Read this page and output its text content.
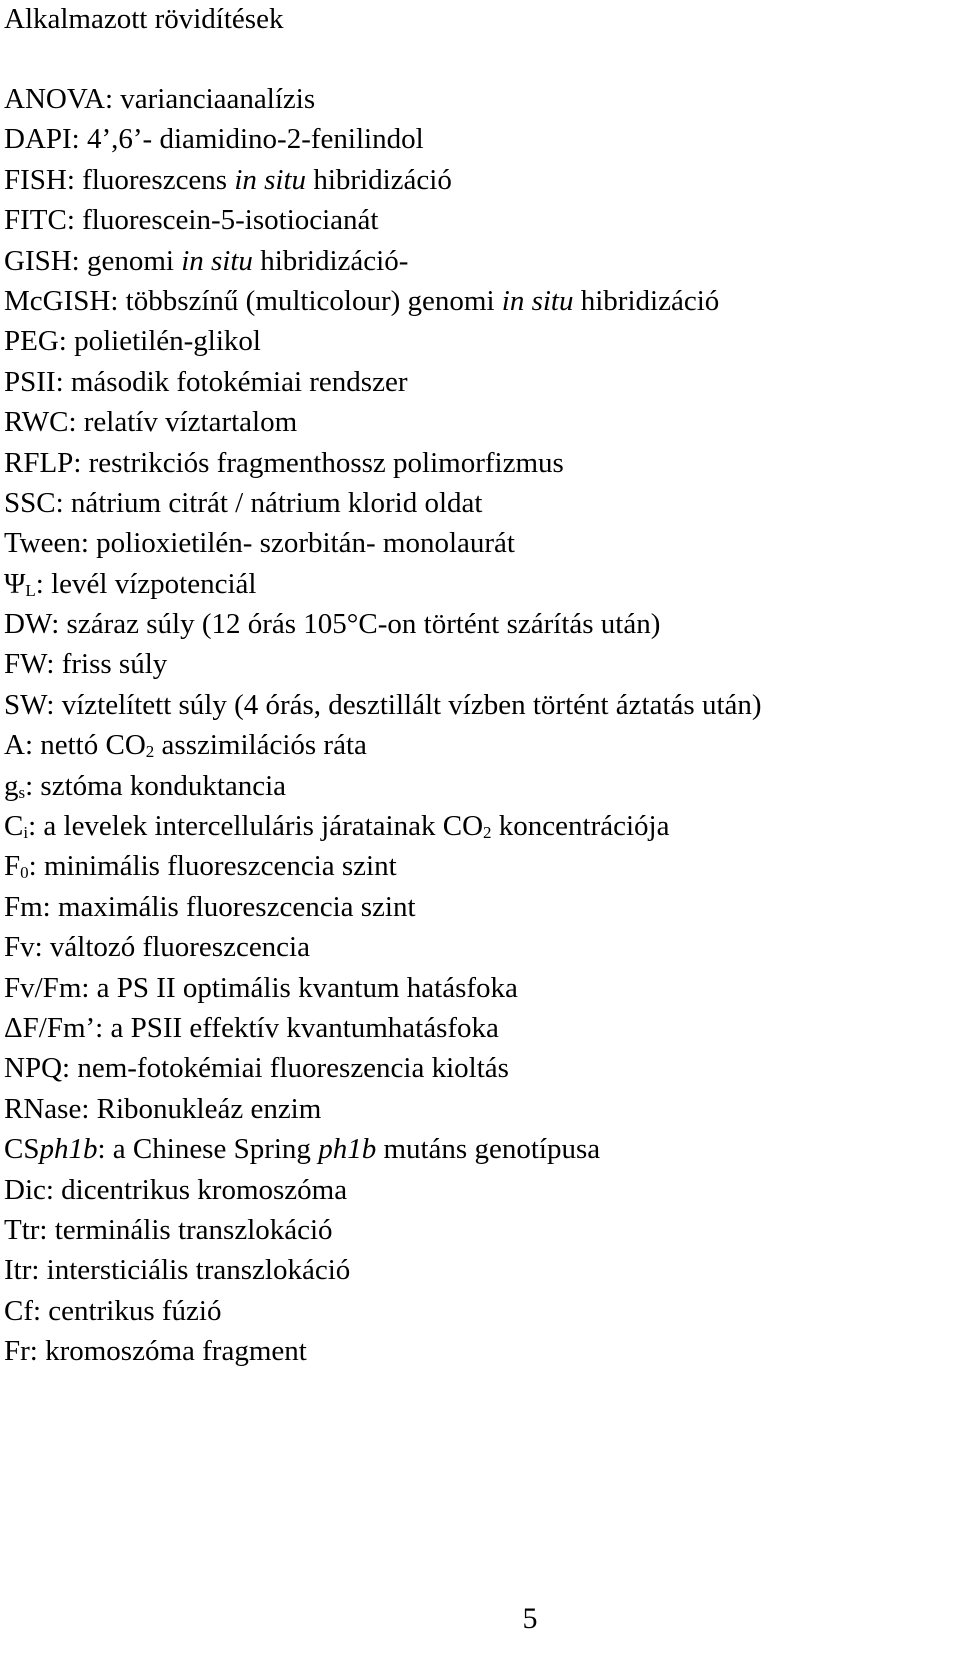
Alkalmazott rövidítések
ANOVA: varianciaanalízis
DAPI: 4’,6’- diamidino-2-fenilindol
FISH: fluoreszcens in situ hibridizáció
FITC: fluorescein-5-isotiocianát
GISH: genomi in situ hibridizáció-
McGISH: többszínű (multicolour) genomi in situ hibridizáció
PEG: polietilén-glikol
PSII: második fotokémiai rendszer
RWC: relatív víztartalom
RFLP: restrikciós fragmenthossz polimorfizmus
SSC: nátrium citrát / nátrium klorid oldat
Tween: polioxietilén- szorbitán- monolaurát
$\Psi_L$: levél vízpotenciál
DW: száraz súly (12 órás 105°C-on történt szárítás után)
FW: friss súly
SW: víztelített súly (4 órás, desztillált vízben történt áztatás után)
A: nettó $CO_2$ asszimilációs ráta
$g_s$: sztóma konduktancia
$C_i$: a levelek intercelluláris járatainak $CO_2$ koncentrációja
$F_0$: minimális fluoreszcencia szint
Fm: maximális fluoreszcencia szint
Fv: változó fluoreszcencia
Fv/Fm: a PS II optimális kvantum hatásfoka
ΔF/Fm’: a PSII effektív kvantumhatásfoka
NPQ: nem-fotokémiai fluoreszencia kioltás
RNase: Ribonukleáz enzim
CSph1b: a Chinese Spring ph1b mutáns genotípusa
Dic: dicentrikus kromoszóma
Ttr: terminális transzlokáció
Itr: intersticiális transzlokáció
Cf: centrikus fúzió
Fr: kromoszóma fragment
5
